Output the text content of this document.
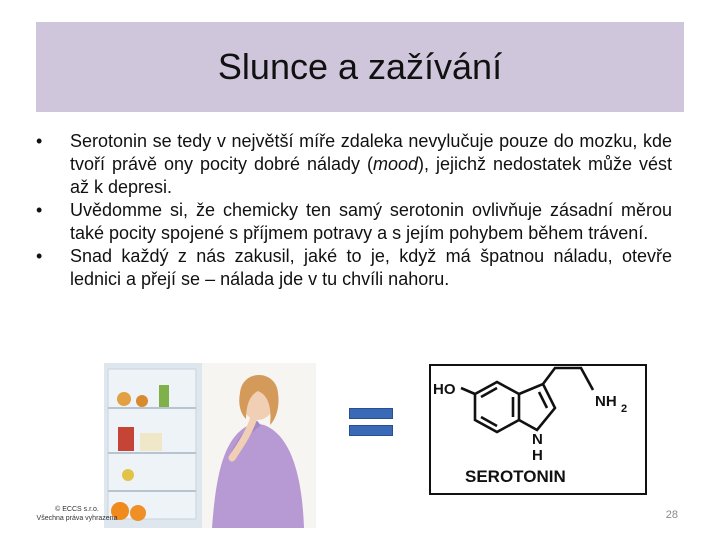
Slunce a zažívání
• Serotonin se tedy v největší míře zdaleka nevylučuje pouze do mozku, kde tvoří právě ony pocity dobré nálady (mood), jejichž nedostatek může vést až k depresi.
• Uvědomme si, že chemicky ten samý serotonin ovlivňuje zásadní měrou také pocity spojené s příjmem potravy a s jejím pohybem během trávení.
• Snad každý z nás zakusil, jaké to je, když má špatnou náladu, otevře lednici a přejí se – nálada jde v tu chvíli nahoru.
HO
NH 2
N
H
SEROTONIN
© ECCS s.r.o.
Všechna práva vyhrazena	28
